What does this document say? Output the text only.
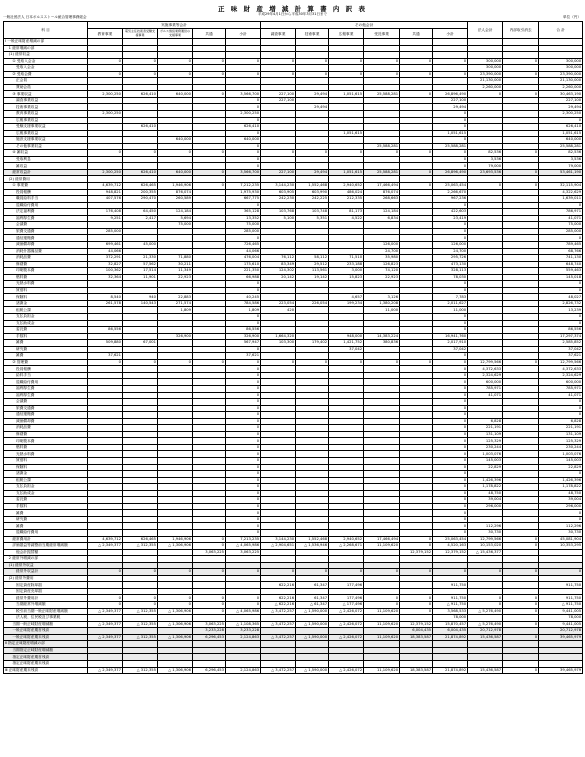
正 味 財 産 増 減 計 算 書 内 訳 表
平成29年4月1日から平成30年3月31日まで
一般社団法人 日本ポルスストール統合管理事務総会	単位（円）
科 目	実施事業等会計					その他会計						法人会計	内部取引消去	合 計
	教育事業	電気主任技術者受験支援事業	ポルス施設業務運営の支援事業	共通	小計	調査事業	技術事業	広報事業	受託事業	共通	小計			
Ⅰ 一般正味財産増減の部														
　1 経常増減の部														
　(1) 経常収益														
　　① 受取入会金	0	0	0	0	0	0	0	0	0	0	0	300,000	0	300,000
　　　受取入会金												300,000		300,000
　　② 受取会費	0	0	0	0	0	0	0	0	0	0	0	23,390,000	0	23,390,000
　　　正会員												21,130,000		21,130,000
　　　賛助会員												2,260,000		2,260,000
　　③ 事業収益	2,300,250	626,410	640,000	0	3,566,700	227,100	29,494	1,051,615	25,588,281	0	26,896,490	0	0	30,463,190
　　　調査事業収益					0	227,100					227,100			227,100
　　　技術事業収益					0		29,494				29,494			29,494
　　　教育事業収益	2,300,250				2,300,250						0			2,300,250
　　　広報事業収益					0						0			0
　　　受験支援事業収益		626,410			626,410						0			626,410
　　　広報事業収益					0			1,051,615			1,051,615			1,051,615
　　　施設支援事業収益			640,000		640,000						0			640,000
　　　その他事業収益					0				25,588,281		25,588,281			25,588,281
　　④ 雑収益	0	0	0	0	0	0	0	0	0	0	0	82,536	0	82,536
　　　受取利息					0						0	3,536		3,536
　　　雑収益					0						0	79,000		79,000
　　経常収益計	2,300,250	626,410	640,000	0	3,566,700	227,100	29,494	1,051,615	25,588,281	0	26,896,490	23,693,536	0	53,461,190
　(2) 経常費用														
　　① 事業費	4,639,712	626,465	1,946,906	0	7,212,235	3,144,230	1,552,468	2,940,652	17,466,494	0	25,063,454	0	0	32,115,904
　　　役員報酬	948,821	200,355	876,074		1,975,930	603,905	603,990	486,024	876,074		2,266,670			4,322,629
　　　職員給料手当	407,576	290,470	260,589		667,775	242,230	242,225	212,335	268,663		967,236			1,639,011
　　　退職給付費用					0						0			0
　　　法定福利費	176,408	64,450	124,184		365,128	103,768	103,748	81,173	124,184		422,603			786,971
　　　福利厚生費	9,251	2,417	5,694		13,352	5,100	5,351	4,522	6,834		23,419			41,071
　　　会議費			75,000		75,000						0			75,000
　　　旅費交通費	285,000				285,000						0			285,000
　　　通信運搬費					0						0			0
　　　減価償却費	699,461	45,000			726,465				126,000		126,000			789,465
　　　消耗什器備品費	44,066				44,066				24,700		24,700			68,766
　　　消耗品費	372,291	21,330	71,880		476,004	76,112	58,112	71,510	35,980		295,726			741,130
　　　修繕費	32,827	57,562	30,211		175,610	83,349	29,512	233,188	126,823		473,130			648,740
　　　印刷製本費	100,362	17,514	11,349		221,350	124,302	113,561	3,000	74,120		328,113			559,463
　　　燃料費	32,364	11,901	22,923		66,988	20,142	19,142	15,823	22,923		78,030			145,018
　　　光熱水料費					0						0			0
　　　賃借料					0						0			0
　　　保険料	8,540	940	22,883		40,245			4,657	3,126		7,783			48,027
　　　諸謝金	261,578	140,543	271,574		784,586	223,054	226,054	199,234	1,380,208		2,011,627			2,826,732
　　　租税公課			1,809		1,809	420			11,000		11,000			13,239
　　　支払負担金					0						0			0
　　　支払助成金					0						0			0
　　　委託費	86,556				86,556						0			86,556
　　　手数料			326,900		326,900	1,664,320		948,000	14,383,224		16,941,760			17,297,374
　　　雑費	509,880	67,001			567,947	103,300	179,402	1,421,752	380,836		2,017,910			2,585,852
　　　研究費					0			37,042			37,042			37,042
　　　雑費	37,621				37,621						0			37,621
　　② 管理費	0	0	0	0	0	0	0	0	0	0	0	12,799,566	0	12,799,566
　　　役員報酬					0						0	4,372,633		4,372,633
　　　給料手当					0						0	2,324,629		2,324,629
　　　退職給付費用					0						0	600,000		600,000
　　　福利厚生費					0						0	785,971		785,971
　　　福利厚生費					0						0	41,071		41,071
　　　会議費					0						0			0
　　　旅費交通費					0						0			0
　　　通信運搬費					0						0			0
　　　減価償却費					0						0	6,828		6,828
　　　消耗品費					0						0	221,191		221,191
　　　修繕費					0						0	131,109		131,109
　　　印刷製本費					0						0	125,329		125,329
　　　燃料費					0						0	230,244		230,244
　　　光熱水料費					0						0	1,003,076		1,003,076
　　　賃借料					0						0	145,003		145,003
　　　保険料					0						0	22,829		22,829
　　　諸謝金					0						0			0
　　　租税公課					0						0	1,426,396		1,426,396
　　　支払負担金					0						0	1,178,822		1,178,822
　　　支払助成金					0						0	48,750		48,750
　　　委託費					0						0	39,004		39,004
　　　手数料					0						0	296,000		296,000
　　　雑費					0						0			0
　　　研究費					0						0			0
　　　雑費					0						0	112,296		112,296
　　　退職給付費用					0						0	30,730		30,730
　　経常費用計	4,639,712	626,465	1,946,906	0	7,213,235	3,144,230	1,552,468	2,940,652	17,466,494	0	25,063,454	12,799,566	0	45,081,904
　　評価損益等調整前当期経常増減額	△ 2,349,377	△ 312,355	△ 1,306,906	0	△ 4,065,986	△ 2,904,651	△ 1,536,946	△ 2,268,671	11,109,620	0	4,520,163	10,153,020	0	10,353,295
　　　他会計振替額				3,063,225	3,063,225					12,379,152	12,379,152	△ 15,436,377		
　2 経常外増減の部														
　(1) 経常外収益														
　　　経常外収益計	0	0	0	0	0	0	0	0	0	0	0	0	0	0
　(2) 経常外費用														
　　　固定資産除却損						622,216	61,347	177,496			911,750			911,750
　　　固定資産売却損														
　　　経常外費用計	0	0	0	0	0	622,216	61,347	177,496	0	0	911,750	0	0	911,750
　　　当期経常外増減額	0	0	0	0	0	△ 622,216	△ 61,347	△ 177,496	0	0	△ 911,750	0	0	△ 911,750
　　　税引前当期一般正味財産増減額	△ 2,349,377	△ 312,355	△ 1,306,906	0	△ 4,065,986	△ 3,472,257	△ 1,590,000	△ 2,426,072	11,109,620	0	3,568,533	△ 5,276,490	0	9,441,005
　　　法人税、住民税及び事業税											78,000			78,000
　　当期一般正味財産増減額	△ 2,349,377	△ 312,355	△ 1,306,906	3,063,225	△ 1,108,365	△ 3,472,257	△ 1,590,000	△ 2,426,072	11,109,620	12,379,152	15,870,457	△ 5,276,490	0	9,441,005
　　一般正味財産期首残高				3,233,228	3,233,228					6,004,435	6,004,435	20,712,978		20,712,978
　　一般正味財産期末残高	△ 2,349,377	△ 312,355	△ 1,306,906	6,296,453	2,124,863	△ 3,472,257	△ 1,590,000	△ 2,426,072	11,109,620	18,383,587	21,874,892	15,436,587	0	39,465,979
Ⅱ 指定正味財産増減の部														
　　当期指定正味財産増減額														
　　指定正味財産期首残高														
　　指定正味財産期末残高														
Ⅲ 正味財産期末残高	△ 2,349,377	△ 312,355	△ 1,306,906	6,296,453	2,124,863	△ 3,472,257	△ 1,590,000	△ 2,426,072	11,109,620	18,383,587	21,874,892	15,436,587	0	39,465,979
